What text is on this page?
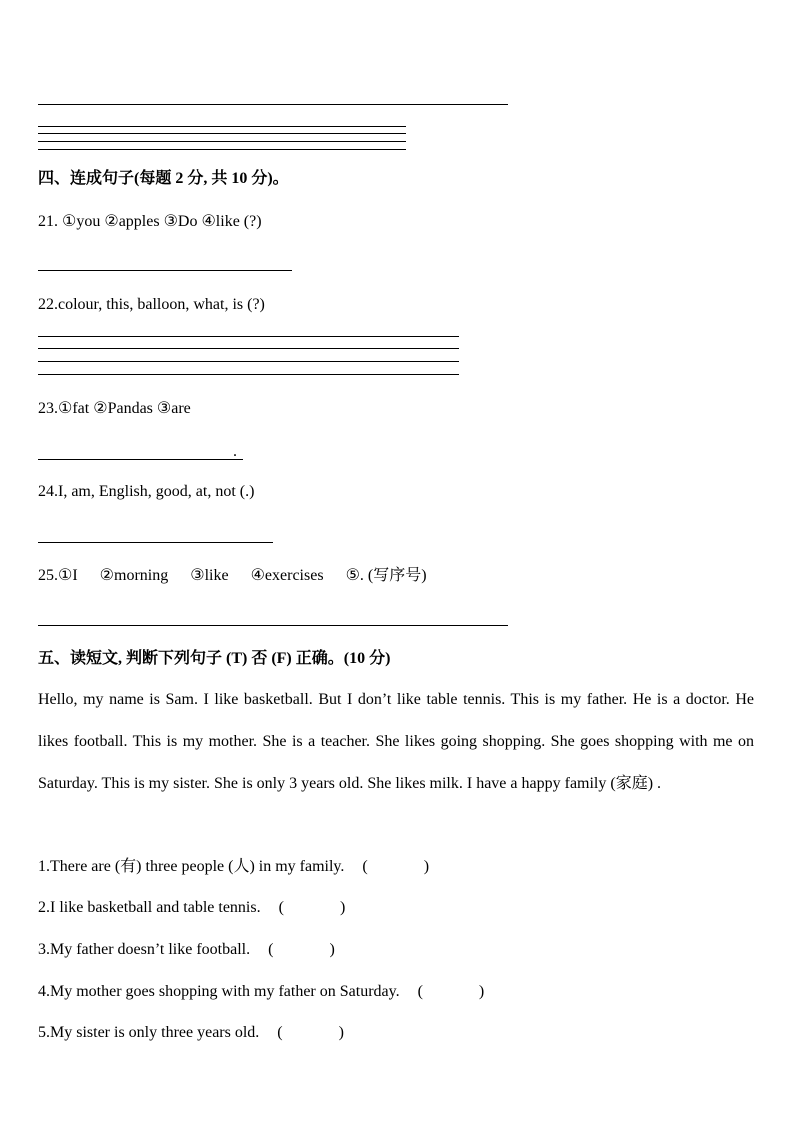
四、连成句子(每题 2 分, 共 10 分)。
21. ①you ②apples ③Do ④like (?)
22.colour, this, balloon, what, is (?)
23.①fat ②Pandas ③are
.
24.I, am, English, good, at, not (.)
25.①I ②morning ③like ④exercises ⑤. (写序号)
五、读短文, 判断下列句子 (T) 否 (F) 正确。(10 分)
Hello, my name is Sam. I like basketball. But I don’t like table tennis. This is my father. He is a doctor. He likes football. This is my mother. She is a teacher. She likes going shopping. She goes shopping with me on Saturday. This is my sister. She is only 3 years old. She likes milk. I have a happy family (家庭) .
1.There are (有) three people (人) in my family. (	)
2.I like basketball and table tennis. (	)
3.My father doesn’t like football. (	)
4.My mother goes shopping with my father on Saturday. (	)
5.My sister is only three years old. (	)
